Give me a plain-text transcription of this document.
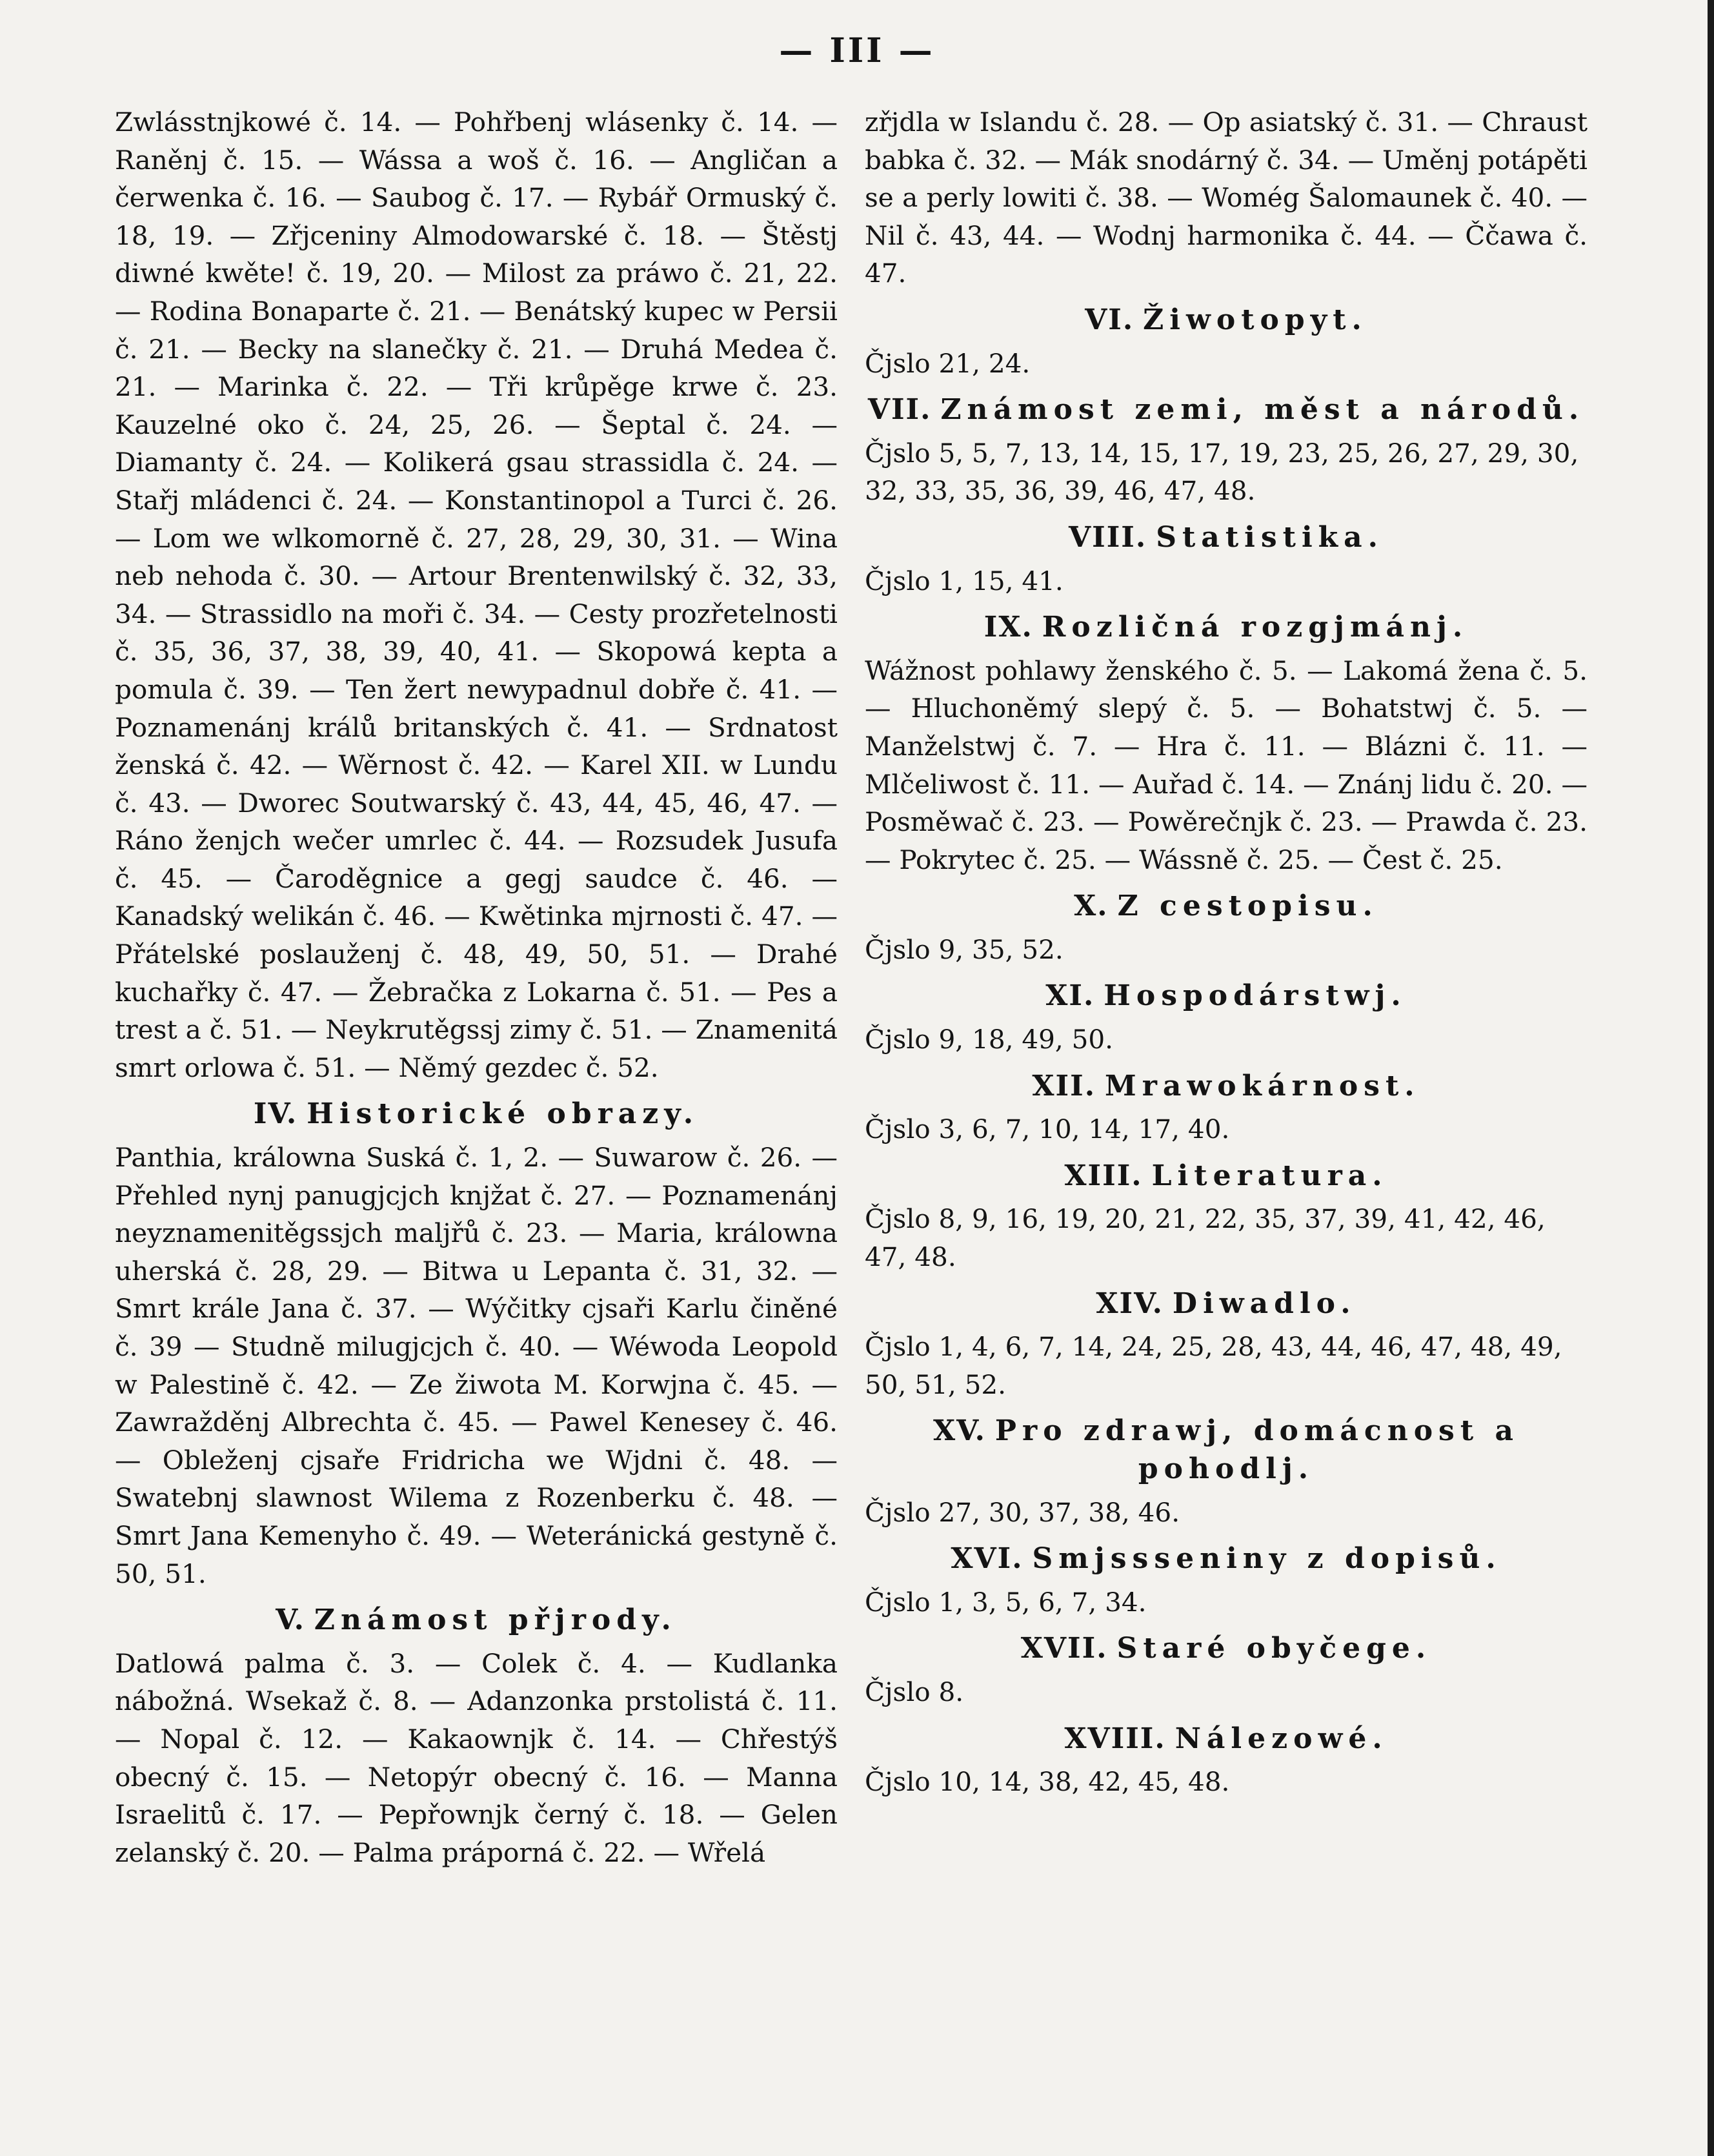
— III —

Zwlásstnjkowé č. 14. — Pohřbenj wlásenky č. 14. — Raněnj č. 15. — Wássa a woš č. 16. — Angličan a čerwenka č. 16. — Saubog č. 17. — Rybář Ormuský č. 18, 19. — Zřjceniny Almodowarské č. 18. — Štěstj diwné kwěte! č. 19, 20. — Milost za práwo č. 21, 22. — Rodina Bonaparte č. 21. — Benátský kupec w Persii č. 21. — Becky na slanečky č. 21. — Druhá Medea č. 21. — Marinka č. 22. — Tři krůpěge krwe č. 23. Kauzelné oko č. 24, 25, 26. — Šeptal č. 24. — Diamanty č. 24. — Kolikerá gsau strassidla č. 24. — Stařj mládenci č. 24. — Konstantinopol a Turci č. 26. — Lom we wlkomorně č. 27, 28, 29, 30, 31. — Wina neb nehoda č. 30. — Artour Brentenwilský č. 32, 33, 34. — Strassidlo na moři č. 34. — Cesty prozřetelnosti č. 35, 36, 37, 38, 39, 40, 41. — Skopowá kepta a pomula č. 39. — Ten žert newypadnul dobře č. 41. — Poznamenánj králů britanských č. 41. — Srdnatost ženská č. 42. — Wěrnost č. 42. — Karel XII. w Lundu č. 43. — Dworec Soutwarský č. 43, 44, 45, 46, 47. — Ráno ženjch wečer umrlec č. 44. — Rozsudek Jusufa č. 45. — Čaroděgnice a gegj saudce č. 46. — Kanadský welikán č. 46. — Kwětinka mjrnosti č. 47. — Přátelské poslauženj č. 48, 49, 50, 51. — Drahé kuchařky č. 47. — Žebračka z Lokarna č. 51. — Pes a trest a č. 51. — Neykrutěgssj zimy č. 51. — Znamenitá smrt orlowa č. 51. — Němý gezdec č. 52.

IV. Historické obrazy.

Panthia, králowna Suská č. 1, 2. — Suwarow č. 26. — Přehled nynj panugjcjch knjžat č. 27. — Poznamenánj neyznamenitěgssjch maljřů č. 23. — Maria, králowna uherská č. 28, 29. — Bitwa u Lepanta č. 31, 32. — Smrt krále Jana č. 37. — Wýčitky cjsaři Karlu činěné č. 39 — Studně milugjcjch č. 40. — Wéwoda Leopold w Palestině č. 42. — Ze žiwota M. Korwjna č. 45. — Zawražděnj Albrechta č. 45. — Pawel Kenesey č. 46. — Obleženj cjsaře Fridricha we Wjdni č. 48. — Swatebnj slawnost Wilema z Rozenberku č. 48. — Smrt Jana Kemenyho č. 49. — Weteránická gestyně č. 50, 51.

V. Známost přjrody.

Datlowá palma č. 3. — Colek č. 4. — Kudlanka nábožná. Wsekaž č. 8. — Adanzonka prstolistá č. 11. — Nopal č. 12. — Kakaownjk č. 14. — Chřestýš obecný č. 15. — Netopýr obecný č. 16. — Manna Israelitů č. 17. — Pepřownjk černý č. 18. — Gelen zelanský č. 20. — Palma práporná č. 22. — Wřelá

zřjdla w Islandu č. 28. — Op asiatský č. 31. — Chraust babka č. 32. — Mák snodárný č. 34. — Uměnj potápěti se a perly lowiti č. 38. — Womég Šalomaunek č. 40. — Nil č. 43, 44. — Wodnj harmonika č. 44. — Ččawa č. 47.

VI. Žiwotopyt.

Čjslo 21, 24.

VII. Známost zemi, měst a národů.

Čjslo 5, 5, 7, 13, 14, 15, 17, 19, 23, 25, 26, 27, 29, 30, 32, 33, 35, 36, 39, 46, 47, 48.

VIII. Statistika.

Čjslo 1, 15, 41.

IX. Rozličná rozgjmánj.

Wážnost pohlawy ženského č. 5. — Lakomá žena č. 5. — Hluchoněmý slepý č. 5. — Bohatstwj č. 5. — Manželstwj č. 7. — Hra č. 11. — Blázni č. 11. — Mlčeliwost č. 11. — Auřad č. 14. — Znánj lidu č. 20. — Posměwač č. 23. — Powěrečnjk č. 23. — Prawda č. 23. — Pokrytec č. 25. — Wássně č. 25. — Čest č. 25.

X. Z cestopisu.

Čjslo 9, 35, 52.

XI. Hospodárstwj.

Čjslo 9, 18, 49, 50.

XII. Mrawokárnost.

Čjslo 3, 6, 7, 10, 14, 17, 40.

XIII. Literatura.

Čjslo 8, 9, 16, 19, 20, 21, 22, 35, 37, 39, 41, 42, 46, 47, 48.

XIV. Diwadlo.

Čjslo 1, 4, 6, 7, 14, 24, 25, 28, 43, 44, 46, 47, 48, 49, 50, 51, 52.

XV. Pro zdrawj, domácnost a pohodlj.

Čjslo 27, 30, 37, 38, 46.

XVI. Smjssseniny z dopisů.

Čjslo 1, 3, 5, 6, 7, 34.

XVII. Staré obyčege.

Čjslo 8.

XVIII. Nálezowé.

Čjslo 10, 14, 38, 42, 45, 48.
